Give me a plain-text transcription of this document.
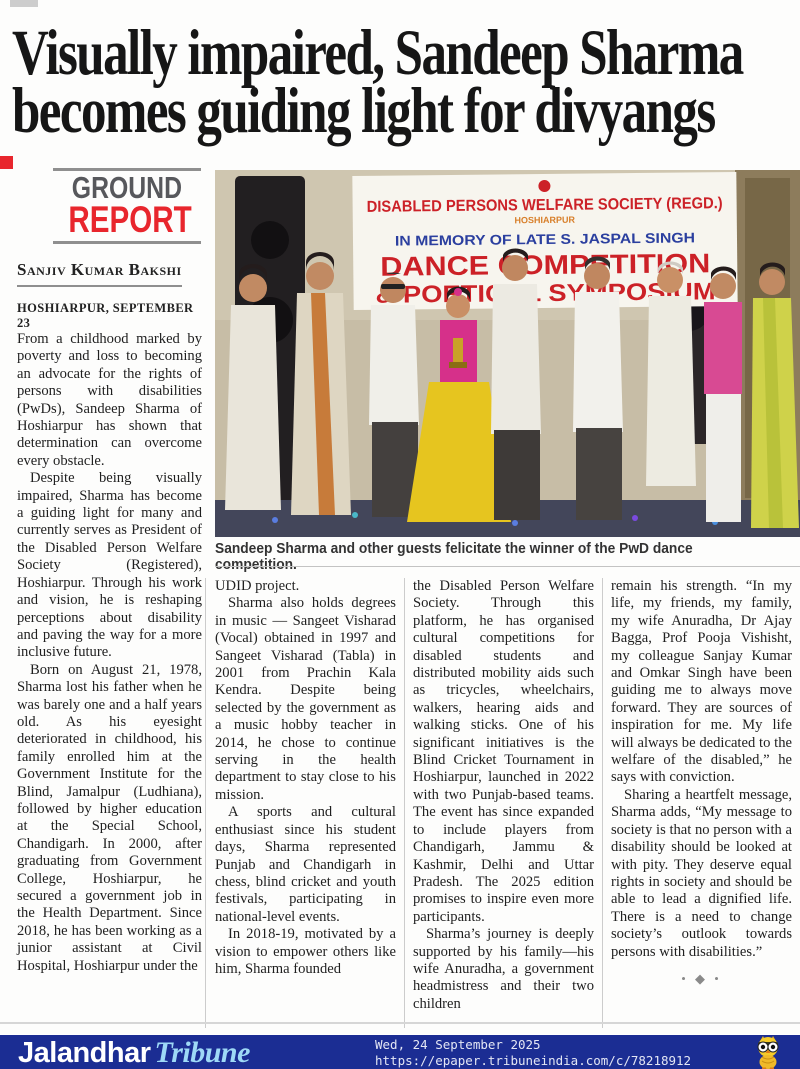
Visually impaired, Sandeep Sharma
becomes guiding light for divyangs
GROUND
REPORT
Sanjiv Kumar Bakshi
HOSHIARPUR, SEPTEMBER 23

From a childhood marked by poverty and loss to becoming an advocate for the rights of persons with disabilities (PwDs), Sandeep Sharma of Hoshiarpur has shown that determination can overcome every obstacle.

Despite being visually impaired, Sharma has become a guiding light for many and currently serves as President of the Disabled Person Welfare Society (Registered), Hoshiarpur. Through his work and vision, he is reshaping perceptions about disability and paving the way for a more inclusive future.

Born on August 21, 1978, Sharma lost his father when he was barely one and a half years old. As his eyesight deteriorated in childhood, his family enrolled him at the Government Institute for the Blind, Jamalpur (Ludhiana), followed by higher education at the Special School, Chandigarh. In 2000, after graduating from Government College, Hoshiarpur, he secured a government job in the Health Department. Since 2018, he has been working as a junior assistant at Civil Hospital, Hoshiarpur under the

DISABLED PERSONS WELFARE SOCIETY (REGD.)
HOSHIARPUR
IN MEMORY OF LATE S. JASPAL SINGH
Sandeep Sharma and other guests felicitate the winner of the PwD dance competition.

UDID project.

Sharma also holds degrees in music — Sangeet Visharad (Vocal) obtained in 1997 and Sangeet Visharad (Tabla) in 2001 from Prachin Kala Kendra. Despite being selected by the government as a music hobby teacher in 2014, he chose to continue serving in the health department to stay close to his mission.

A sports and cultural enthusiast since his student days, Sharma represented Punjab and Chandigarh in chess, blind cricket and youth festivals, participating in national-level events.

In 2018-19, motivated by a vision to empower others like him, Sharma founded

the Disabled Person Welfare Society. Through this platform, he has organised cultural competitions for disabled students and distributed mobility aids such as tricycles, wheelchairs, walkers, hearing aids and walking sticks. One of his significant initiatives is the Blind Cricket Tournament in Hoshiarpur, launched in 2022 with two Punjab-based teams. The event has since expanded to include players from Chandigarh, Jammu & Kashmir, Delhi and Uttar Pradesh. The 2025 edition promises to inspire even more participants.

Sharma’s journey is deeply supported by his family—his wife Anuradha, a government headmistress and their two children

remain his strength. “In my life, my friends, my family, my wife Anuradha, Dr Ajay Bagga, Prof Pooja Vishisht, my colleague Sanjay Kumar and Omkar Singh have been guiding me to always move forward. They are sources of inspiration for me. My life will always be dedicated to the welfare of the disabled,” he says with conviction.

Sharing a heartfelt message, Sharma adds, “My message to society is that no person with a disability should be looked at with pity. They deserve equal rights in society and should be able to lead a dignified life. There is a need to change society’s outlook towards persons with disabilities.”

• ◆ •
Jalandhar Tribune	Wed, 24 September 2025
https://epaper.tribuneindia.com/c/78218912
